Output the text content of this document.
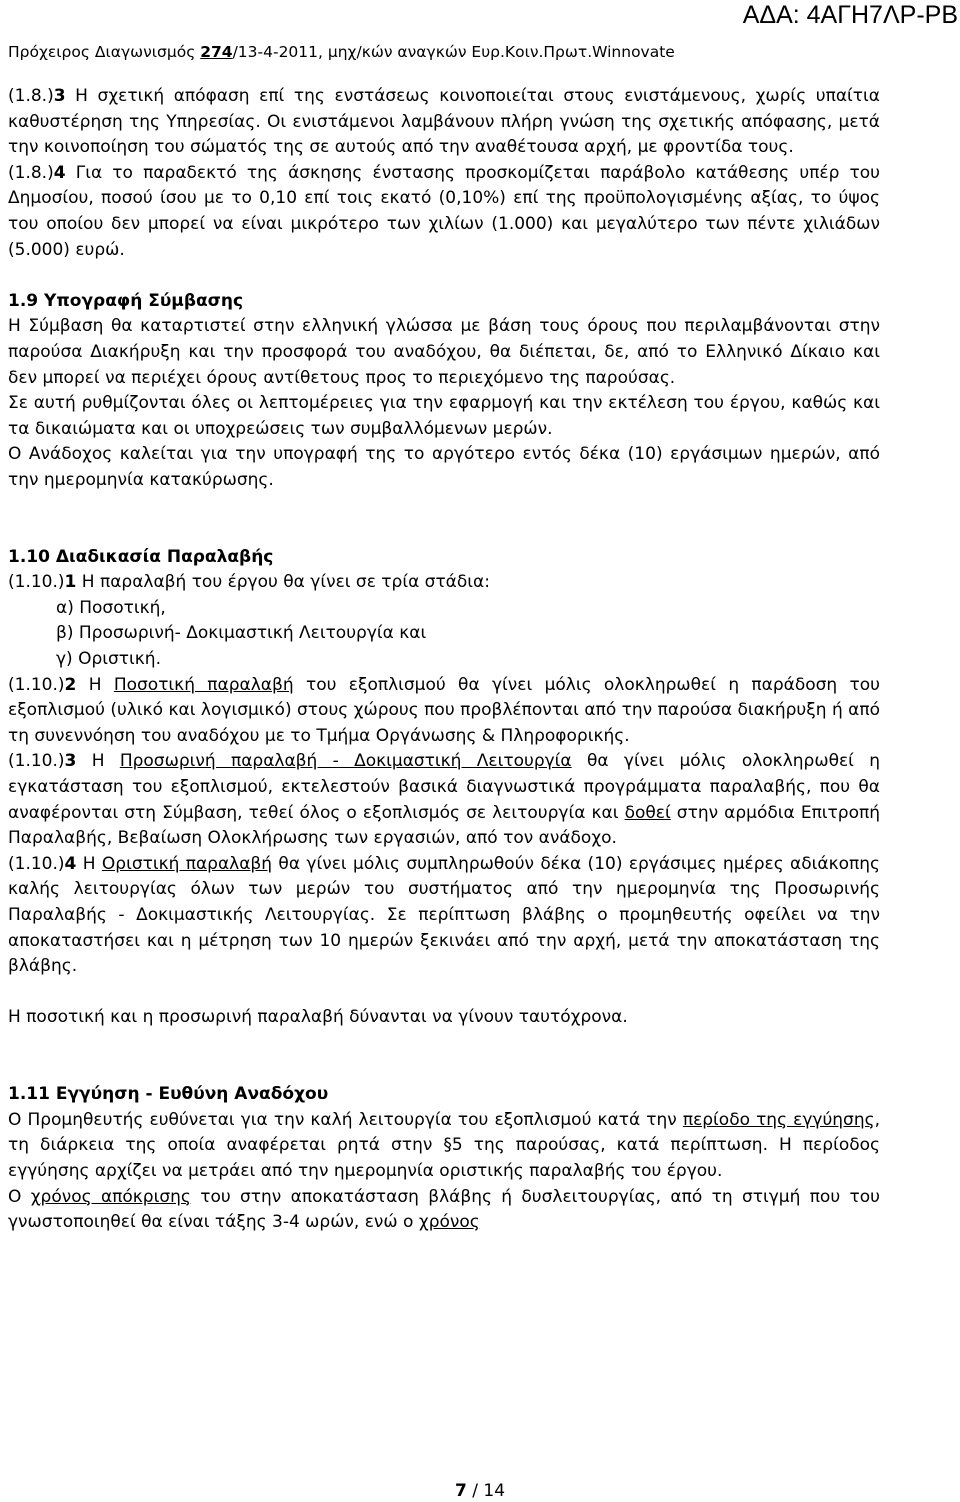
ΑΔΑ: 4ΑΓΗ7ΛΡ-ΡΒ
Πρόχειρος Διαγωνισμός 274/13-4-2011, μηχ/κών αναγκών Ευρ.Κοιν.Πρωτ.Winnovate

(1.8.)3 Η σχετική απόφαση επί της ενστάσεως κοινοποιείται στους ενιστάμενους, χωρίς υπαίτια καθυστέρηση της Υπηρεσίας. Οι ενιστάμενοι λαμβάνουν πλήρη γνώση της σχετικής απόφασης, μετά την κοινοποίηση του σώματός της σε αυτούς από την αναθέτουσα αρχή, με φροντίδα τους.

(1.8.)4 Για το παραδεκτό της άσκησης ένστασης προσκομίζεται παράβολο κατάθεσης υπέρ του Δημοσίου, ποσού ίσου με το 0,10 επί τοις εκατό (0,10%) επί της προϋπολογισμένης αξίας, το ύψος του οποίου δεν μπορεί να είναι μικρότερο των χιλίων (1.000) και μεγαλύτερο των πέντε χιλιάδων (5.000) ευρώ.

1.9 Υπογραφή Σύμβασης

Η Σύμβαση θα καταρτιστεί στην ελληνική γλώσσα με βάση τους όρους που περιλαμβάνονται στην παρούσα Διακήρυξη και την προσφορά του αναδόχου, θα διέπεται, δε, από το Ελληνικό Δίκαιο και δεν μπορεί να περιέχει όρους αντίθετους προς το περιεχόμενο της παρούσας.

Σε αυτή ρυθμίζονται όλες οι λεπτομέρειες για την εφαρμογή και την εκτέλεση του έργου, καθώς και τα δικαιώματα και οι υποχρεώσεις των συμβαλλόμενων μερών.

Ο Ανάδοχος καλείται για την υπογραφή της το αργότερο εντός δέκα (10) εργάσιμων ημερών, από την ημερομηνία κατακύρωσης.

1.10 Διαδικασία Παραλαβής

(1.10.)1 Η παραλαβή του έργου θα γίνει σε τρία στάδια:

α) Ποσοτική,

β) Προσωρινή- Δοκιμαστική Λειτουργία και

γ) Οριστική.

(1.10.)2 Η Ποσοτική παραλαβή του εξοπλισμού θα γίνει μόλις ολοκληρωθεί η παράδοση του εξοπλισμού (υλικό και λογισμικό) στους χώρους που προβλέπονται από την παρούσα διακήρυξη ή από τη συνεννόηση του αναδόχου με το Τμήμα Οργάνωσης & Πληροφορικής.

(1.10.)3 Η Προσωρινή παραλαβή - Δοκιμαστική Λειτουργία θα γίνει μόλις ολοκληρωθεί η εγκατάσταση του εξοπλισμού, εκτελεστούν βασικά διαγνωστικά προγράμματα παραλαβής, που θα αναφέρονται στη Σύμβαση, τεθεί όλος ο εξοπλισμός σε λειτουργία και δοθεί στην αρμόδια Επιτροπή Παραλαβής, Βεβαίωση Ολοκλήρωσης των εργασιών, από τον ανάδοχο.

(1.10.)4 Η Οριστική παραλαβή θα γίνει μόλις συμπληρωθούν δέκα (10) εργάσιμες ημέρες αδιάκοπης καλής λειτουργίας όλων των μερών του συστήματος από την ημερομηνία της Προσωρινής Παραλαβής - Δοκιμαστικής Λειτουργίας. Σε περίπτωση βλάβης ο προμηθευτής οφείλει να την αποκαταστήσει και η μέτρηση των 10 ημερών ξεκινάει από την αρχή, μετά την αποκατάσταση της βλάβης.

Η ποσοτική και η προσωρινή παραλαβή δύνανται να γίνουν ταυτόχρονα.

1.11 Εγγύηση - Ευθύνη Αναδόχου

Ο Προμηθευτής ευθύνεται για την καλή λειτουργία του εξοπλισμού κατά την περίοδο της εγγύησης, τη διάρκεια της οποία αναφέρεται ρητά στην §5 της παρούσας, κατά περίπτωση. Η περίοδος εγγύησης αρχίζει να μετράει από την ημερομηνία οριστικής παραλαβής του έργου.

Ο χρόνος απόκρισης του στην αποκατάσταση βλάβης ή δυσλειτουργίας, από τη στιγμή που του γνωστοποιηθεί θα είναι τάξης 3-4 ωρών, ενώ ο χρόνος

7 / 14
